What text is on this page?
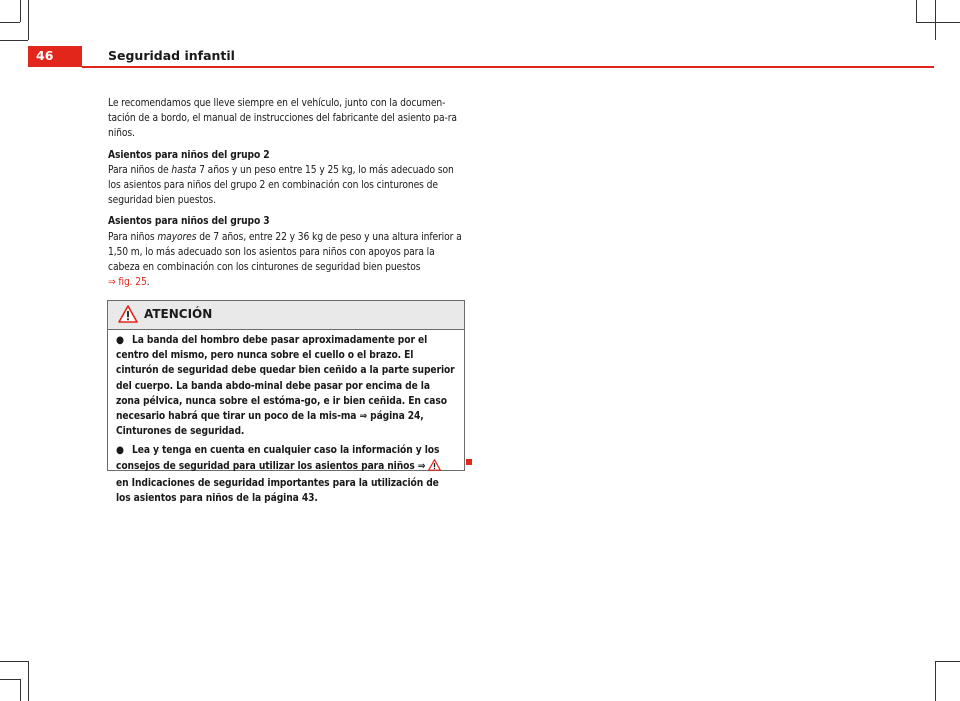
46	Seguridad infantil

Le recomendamos que lleve siempre en el vehículo, junto con la documen-tación de a bordo, el manual de instrucciones del fabricante del asiento pa-ra niños.

Asientos para niños del grupo 2

Para niños de hasta 7 años y un peso entre 15 y 25 kg, lo más adecuado son los asientos para niños del grupo 2 en combinación con los cinturones de seguridad bien puestos.

Asientos para niños del grupo 3

Para niños mayores de 7 años, entre 22 y 36 kg de peso y una altura inferior a 1,50 m, lo más adecuado son los asientos para niños con apoyos para la cabeza en combinación con los cinturones de seguridad bien puestos
⇒ fig. 25.

ATENCIÓN

● La banda del hombro debe pasar aproximadamente por el centro del mismo, pero nunca sobre el cuello o el brazo. El cinturón de seguridad debe quedar bien ceñido a la parte superior del cuerpo. La banda abdo-minal debe pasar por encima de la zona pélvica, nunca sobre el estóma-go, e ir bien ceñida. En caso necesario habrá que tirar un poco de la mis-ma ⇒ página 24, Cinturones de seguridad.

● Lea y tenga en cuenta en cualquier caso la información y los consejos de seguridad para utilizar los asientos para niños ⇒  en Indicaciones de seguridad importantes para la utilización de los asientos para niños de la página 43.
